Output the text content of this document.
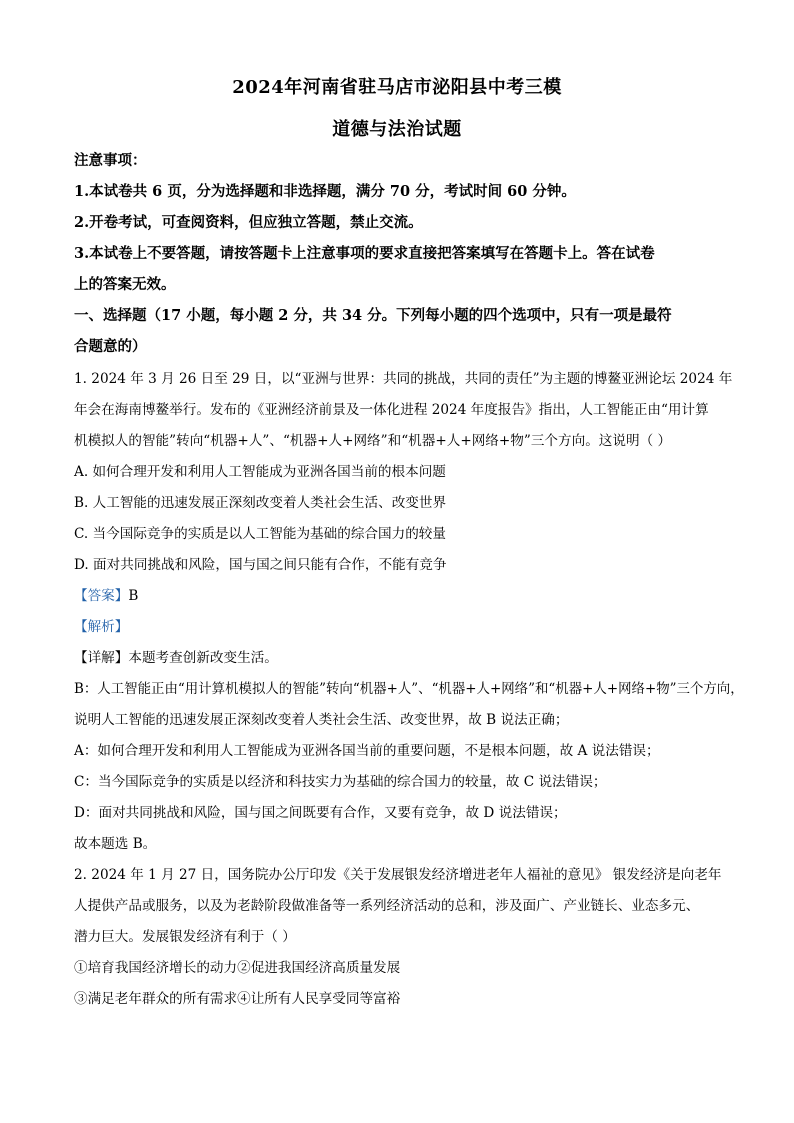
2024年河南省驻马店市泌阳县中考三模
道德与法治试题
注意事项：
1.本试卷共 6 页，分为选择题和非选择题，满分 70 分，考试时间 60 分钟。
2.开卷考试，可查阅资料，但应独立答题，禁止交流。
3.本试卷上不要答题，请按答题卡上注意事项的要求直接把答案填写在答题卡上。答在试卷
上的答案无效。
一、选择题（17 小题，每小题 2 分，共 34 分。下列每小题的四个选项中，只有一项是最符
合题意的）
1. 2024 年 3 月 26 日至 29 日，以“亚洲与世界：共同的挑战，共同的责任”为主题的博鳌亚洲论坛 2024 年
年会在海南博鳌举行。发布的《亚洲经济前景及一体化进程 2024 年度报告》指出，人工智能正由“用计算
机模拟人的智能”转向“机器+人”、“机器+人+网络”和“机器+人+网络+物”三个方向。这说明（ ）
A. 如何合理开发和利用人工智能成为亚洲各国当前的根本问题
B. 人工智能的迅速发展正深刻改变着人类社会生活、改变世界
C. 当今国际竞争的实质是以人工智能为基础的综合国力的较量
D. 面对共同挑战和风险，国与国之间只能有合作，不能有竞争
【答案】B
【解析】
【详解】本题考查创新改变生活。
B：人工智能正由“用计算机模拟人的智能”转向“机器+人”、“机器+人+网络”和“机器+人+网络+物”三个方向，
说明人工智能的迅速发展正深刻改变着人类社会生活、改变世界，故 B 说法正确；
A：如何合理开发和利用人工智能成为亚洲各国当前的重要问题，不是根本问题，故 A 说法错误；
C：当今国际竞争的实质是以经济和科技实力为基础的综合国力的较量，故 C 说法错误；
D：面对共同挑战和风险，国与国之间既要有合作，又要有竞争，故 D 说法错误；
故本题选 B。
2. 2024 年 1 月 27 日，国务院办公厅印发《关于发展银发经济增进老年人福祉的意见》 银发经济是向老年
人提供产品或服务，以及为老龄阶段做准备等一系列经济活动的总和，涉及面广、产业链长、业态多元、
潜力巨大。发展银发经济有利于（ ）
①培育我国经济增长的动力②促进我国经济高质量发展
③满足老年群众的所有需求④让所有人民享受同等富裕
